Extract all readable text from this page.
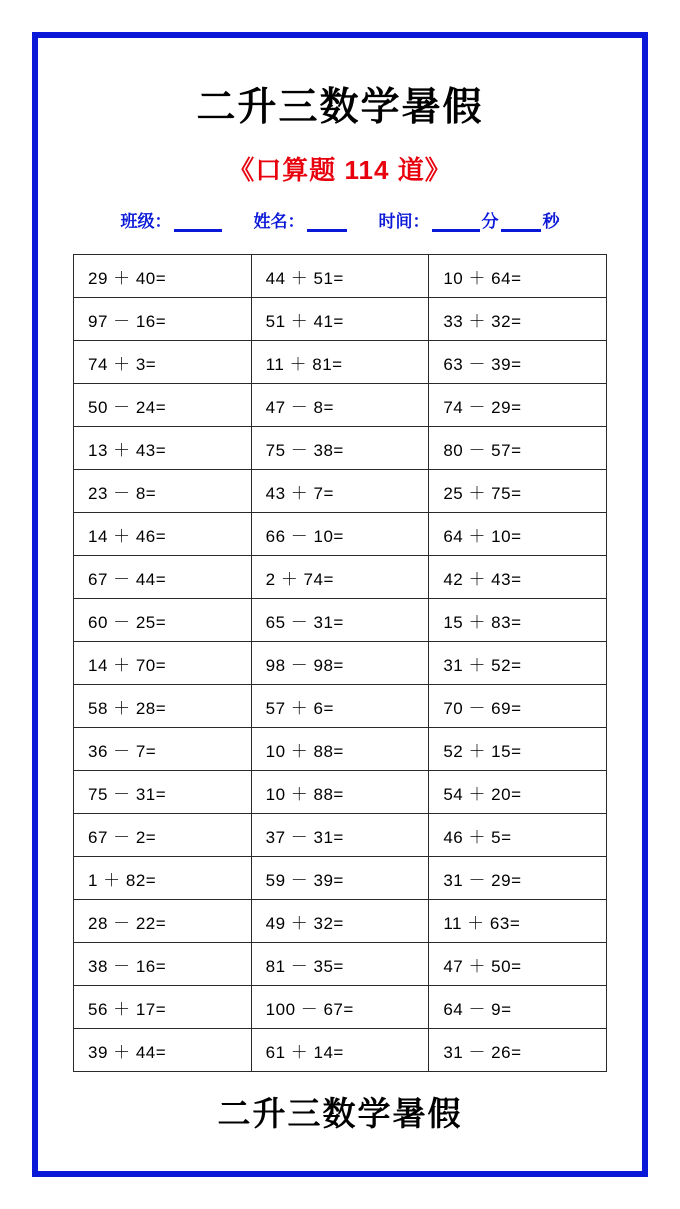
二升三数学暑假
《口算题 114 道》
班级：	姓名：	时间：	分	秒
29 ＋ 40=	44 ＋ 51=	10 ＋ 64=
97 － 16=	51 ＋ 41=	33 ＋ 32=
74 ＋ 3=	11 ＋ 81=	63 － 39=
50 － 24=	47 － 8=	74 － 29=
13 ＋ 43=	75 － 38=	80 － 57=
23 － 8=	43 ＋ 7=	25 ＋ 75=
14 ＋ 46=	66 － 10=	64 ＋ 10=
67 － 44=	2 ＋ 74=	42 ＋ 43=
60 － 25=	65 － 31=	15 ＋ 83=
14 ＋ 70=	98 － 98=	31 ＋ 52=
58 ＋ 28=	57 ＋ 6=	70 － 69=
36 － 7=	10 ＋ 88=	52 ＋ 15=
75 － 31=	10 ＋ 88=	54 ＋ 20=
67 － 2=	37 － 31=	46 ＋ 5=
1 ＋ 82=	59 － 39=	31 － 29=
28 － 22=	49 ＋ 32=	11 ＋ 63=
38 － 16=	81 － 35=	47 ＋ 50=
56 ＋ 17=	100 － 67=	64 － 9=
39 ＋ 44=	61 ＋ 14=	31 － 26=
二升三数学暑假
